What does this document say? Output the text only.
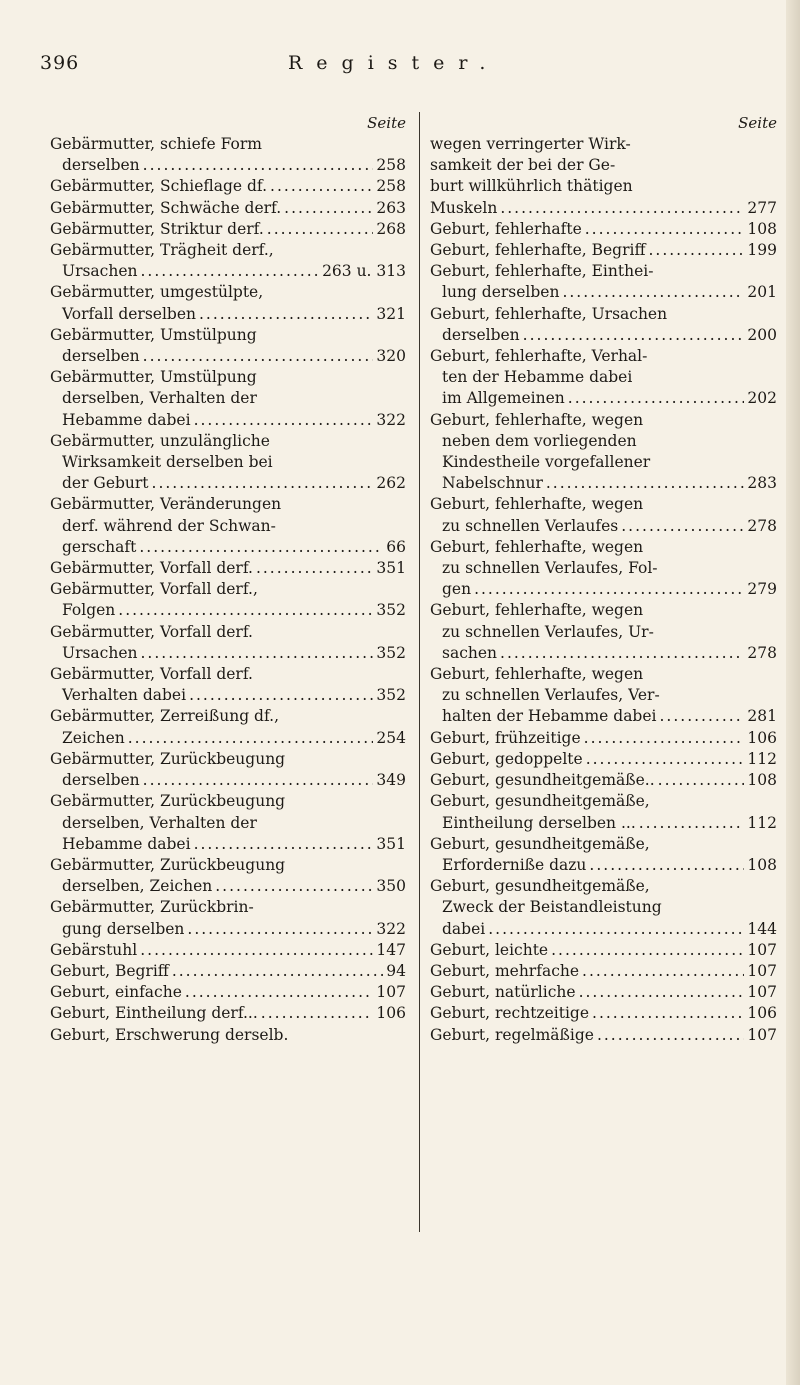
396	Register.
Seite
Gebärmutter, schiefe Form
derselben .....	258
Gebärmutter, Schieflage df. .....	258
Gebärmutter, Schwäche derf. .....	263
Gebärmutter, Striktur derf. .....	268
Gebärmutter, Trägheit derf.,
Ursachen .....	263 u. 313
Gebärmutter, umgestülpte,
Vorfall derselben .....	321
Gebärmutter, Umstülpung
derselben .....	320
Gebärmutter, Umstülpung
derselben, Verhalten der
Hebamme dabei .....	322
Gebärmutter, unzulängliche
Wirksamkeit derselben bei
der Geburt .....	262
Gebärmutter, Veränderungen
derf. während der Schwan-
gerschaft .....	66
Gebärmutter, Vorfall derf. .....	351
Gebärmutter, Vorfall derf.,
Folgen .....	352
Gebärmutter, Vorfall derf.
Ursachen .....	352
Gebärmutter, Vorfall derf.
Verhalten dabei .....	352
Gebärmutter, Zerreißung df.,
Zeichen .....	254
Gebärmutter, Zurückbeugung
derselben .....	349
Gebärmutter, Zurückbeugung
derselben, Verhalten der
Hebamme dabei .....	351
Gebärmutter, Zurückbeugung
derselben, Zeichen .....	350
Gebärmutter, Zurückbrin-
gung derselben .....	322
Gebärstuhl .....	147
Geburt, Begriff .....	94
Geburt, einfache .....	107
Geburt, Eintheilung derf... .....	106
Geburt, Erschwerung derselb.
Seite
wegen verringerter Wirk-
samkeit der bei der Ge-
burt willkührlich thätigen
Muskeln .....	277
Geburt, fehlerhafte .....	108
Geburt, fehlerhafte, Begriff .....	199
Geburt, fehlerhafte, Einthei-
lung derselben .....	201
Geburt, fehlerhafte, Ursachen
derselben .....	200
Geburt, fehlerhafte, Verhal-
ten der Hebamme dabei
im Allgemeinen .....	202
Geburt, fehlerhafte, wegen
neben dem vorliegenden
Kindestheile vorgefallener
Nabelschnur .....	283
Geburt, fehlerhafte, wegen
zu schnellen Verlaufes .....	278
Geburt, fehlerhafte, wegen
zu schnellen Verlaufes, Fol-
gen .....	279
Geburt, fehlerhafte, wegen
zu schnellen Verlaufes, Ur-
sachen .....	278
Geburt, fehlerhafte, wegen
zu schnellen Verlaufes, Ver-
halten der Hebamme dabei .....	281
Geburt, frühzeitige .....	106
Geburt, gedoppelte .....	112
Geburt, gesundheitgemäße.. .....	108
Geburt, gesundheitgemäße,
Eintheilung derselben ... .....	112
Geburt, gesundheitgemäße,
Erforderniße dazu .....	108
Geburt, gesundheitgemäße,
Zweck der Beistandleistung
dabei .....	144
Geburt, leichte .....	107
Geburt, mehrfache .....	107
Geburt, natürliche .....	107
Geburt, rechtzeitige .....	106
Geburt, regelmäßige .....	107
